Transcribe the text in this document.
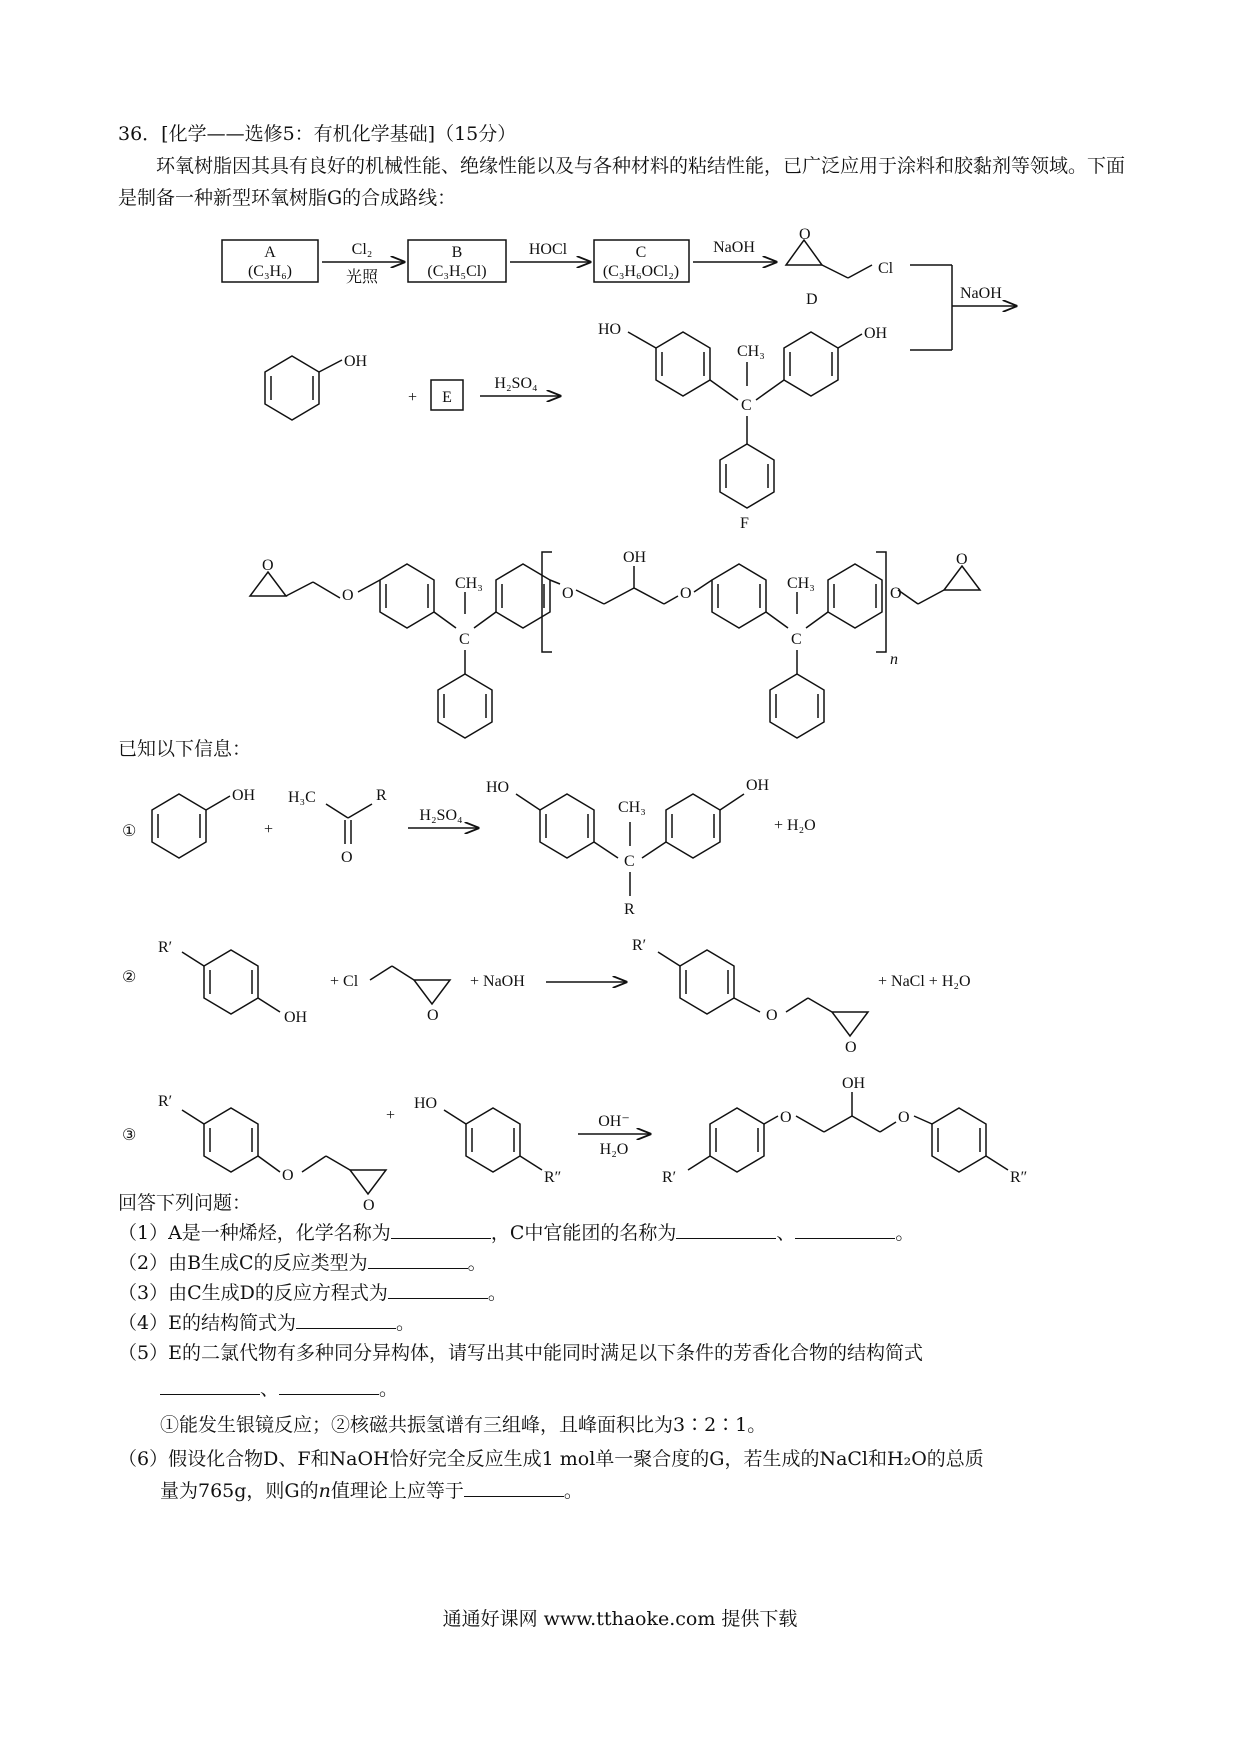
36．[化学——选修5：有机化学基础]（15分）
环氧树脂因其具有良好的机械性能、绝缘性能以及与各种材料的粘结性能，已广泛应用于涂料和胶黏剂等领域。下面是制备一种新型环氧树脂G的合成路线：
A
(C₃H₆)
Cl₂
光照
B
(C₃H₅Cl)
HOCl	C
(C₃H₆OCl₂)
NaOH
O
Cl
D	NaOH
OH
+ E
H₂SO₄
HO	OH
CH₃
C
F
O
O
CH₃
C
O
OH
O
CH₃
C
O
n
O
①
OH
+
H₃C	R
O
H₂SO₄
HO	OH
CH₃
C
R
+ H₂O
②
R′
OH
+ Cl
O
+ NaOH
R′
O
O
+ NaCl + H₂O
③
R′
O
O
+
HO
R″
OH⁻
H₂O
R′
O
OH
O
R″
已知以下信息：
回答下列问题：
（1）A是一种烯烃，化学名称为	，C中官能团的名称为	、	。
（2）由B生成C的反应类型为	。
（3）由C生成D的反应方程式为	。
（4）E的结构简式为	。
（5）E的二氯代物有多种同分异构体，请写出其中能同时满足以下条件的芳香化合物的结构简式
、	。
①能发生银镜反应；②核磁共振氢谱有三组峰，且峰面积比为3∶2∶1。
（6）假设化合物D、F和NaOH恰好完全反应生成1 mol单一聚合度的G，若生成的NaCl和H₂O的总质
量为765g，则G的n值理论上应等于	。
通通好课网 www.tthaoke.com 提供下载
